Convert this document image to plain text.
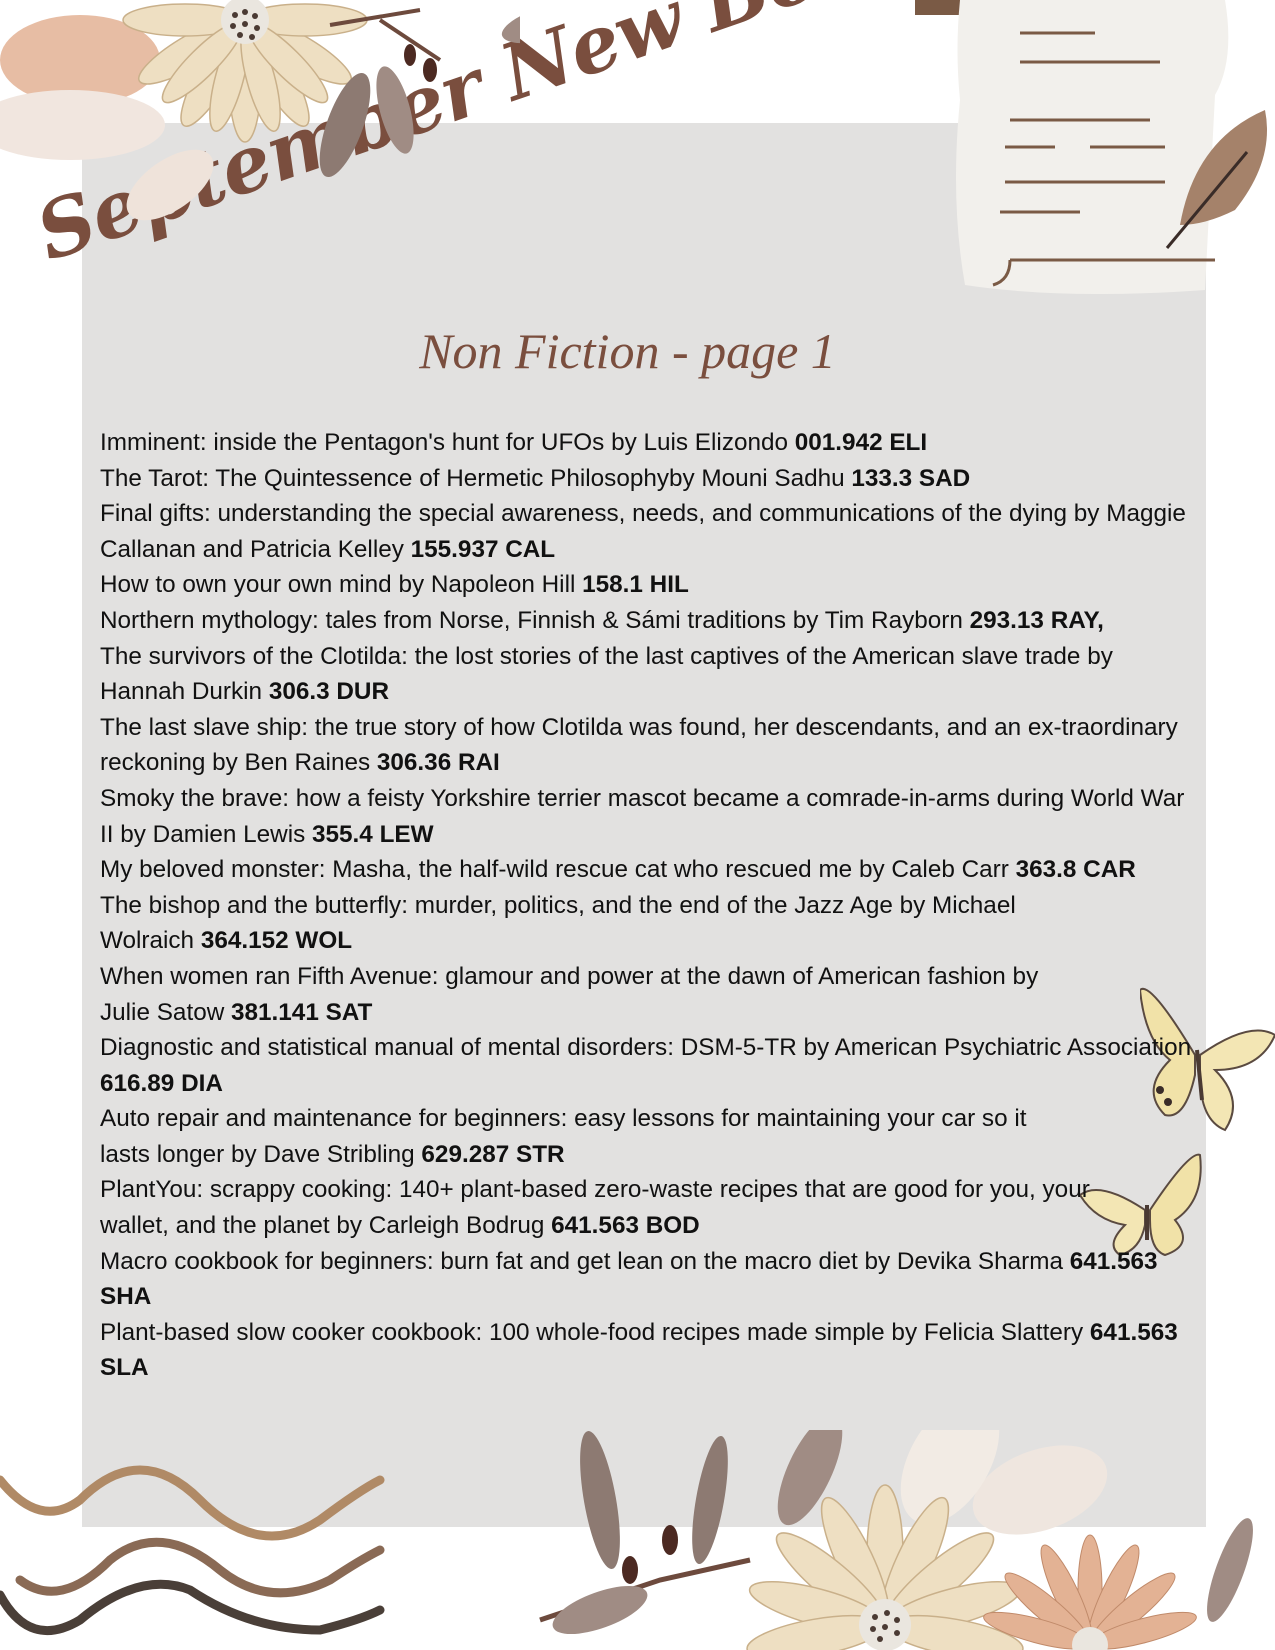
September New
Non Fiction - page 1
Imminent: inside the Pentagon's hunt for UFOs by Luis Elizondo 001.942 ELI
The Tarot: The Quintessence of Hermetic Philosophyby Mouni Sadhu 133.3 SAD
Final gifts: understanding the special awareness, needs, and communications of the dying by Maggie Callanan and Patricia Kelley 155.937 CAL
How to own your own mind by Napoleon Hill 158.1 HIL
Northern mythology: tales from Norse, Finnish & Sámi traditions by Tim Rayborn 293.13 RAY,
The survivors of the Clotilda: the lost stories of the last captives of the American slave trade by Hannah Durkin 306.3 DUR
The last slave ship: the true story of how Clotilda was found, her descendants, and an ex-traordinary reckoning by Ben Raines 306.36 RAI
Smoky the brave: how a feisty Yorkshire terrier mascot became a comrade-in-arms during World War II by Damien Lewis 355.4 LEW
My beloved monster: Masha, the half-wild rescue cat who rescued me by Caleb Carr 363.8 CAR
The bishop and the butterfly: murder, politics, and the end of the Jazz Age by Michael Wolraich 364.152 WOL
When women ran Fifth Avenue: glamour and power at the dawn of American fashion by Julie Satow 381.141 SAT
Diagnostic and statistical manual of mental disorders: DSM-5-TR by American Psychiatric Association 616.89 DIA
Auto repair and maintenance for beginners: easy lessons for maintaining your car so it lasts longer by Dave Stribling 629.287 STR
PlantYou: scrappy cooking: 140+ plant-based zero-waste recipes that are good for you, your wallet, and the planet by Carleigh Bodrug 641.563 BOD
Macro cookbook for beginners: burn fat and get lean on the macro diet by Devika Sharma 641.563 SHA
Plant-based slow cooker cookbook: 100 whole-food recipes made simple by Felicia Slattery 641.563 SLA
